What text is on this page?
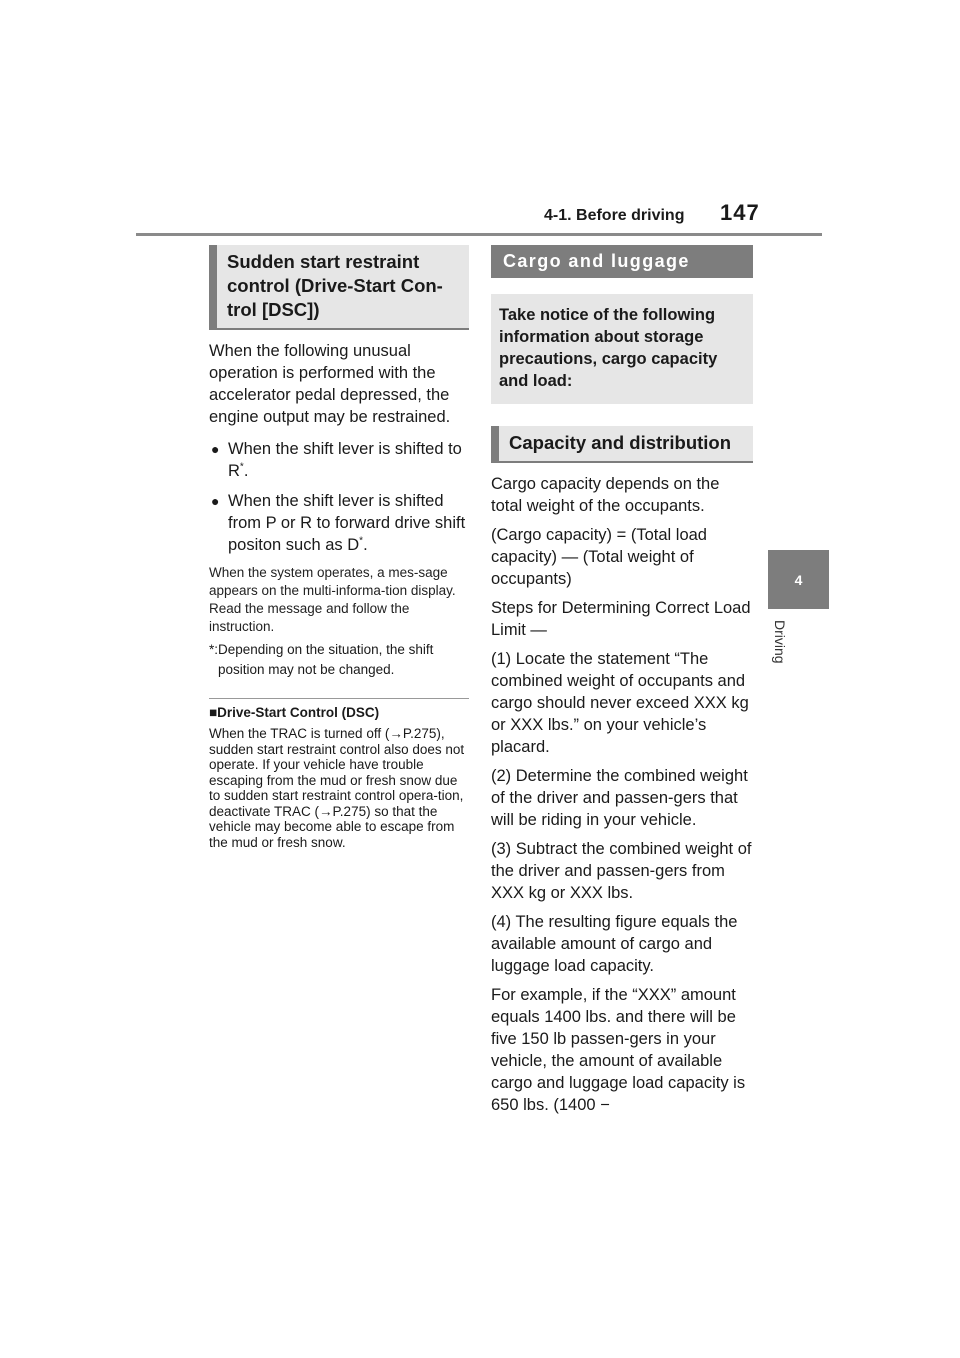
4-1. Before driving 147
4
Driving
Sudden start restraint control (Drive-Start Con-trol [DSC])

When the following unusual operation is performed with the accelerator pedal depressed, the engine output may be restrained.

● When the shift lever is shifted to R*.
● When the shift lever is shifted from P or R to forward drive shift positon such as D*.

When the system operates, a mes-sage appears on the multi-informa-tion display. Read the message and follow the instruction.

*: Depending on the situation, the shift position may not be changed.
■Drive-Start Control (DSC)
When the TRAC is turned off (→P.275), sudden start restraint control also does not operate. If your vehicle have trouble escaping from the mud or fresh snow due to sudden start restraint control opera-tion, deactivate TRAC (→P.275) so that the vehicle may become able to escape from the mud or fresh snow.
Cargo and luggage
Take notice of the following information about storage precautions, cargo capacity and load:
Capacity and distribution

Cargo capacity depends on the total weight of the occupants.

(Cargo capacity) = (Total load capacity) — (Total weight of occupants)

Steps for Determining Correct Load Limit —

(1) Locate the statement “The combined weight of occupants and cargo should never exceed XXX kg or XXX lbs.” on your vehicle’s placard.

(2) Determine the combined weight of the driver and passen-gers that will be riding in your vehicle.

(3) Subtract the combined weight of the driver and passen-gers from XXX kg or XXX lbs.

(4) The resulting figure equals the available amount of cargo and luggage load capacity.

For example, if the “XXX” amount equals 1400 lbs. and there will be five 150 lb passen-gers in your vehicle, the amount of available cargo and luggage load capacity is 650 lbs. (1400 −
